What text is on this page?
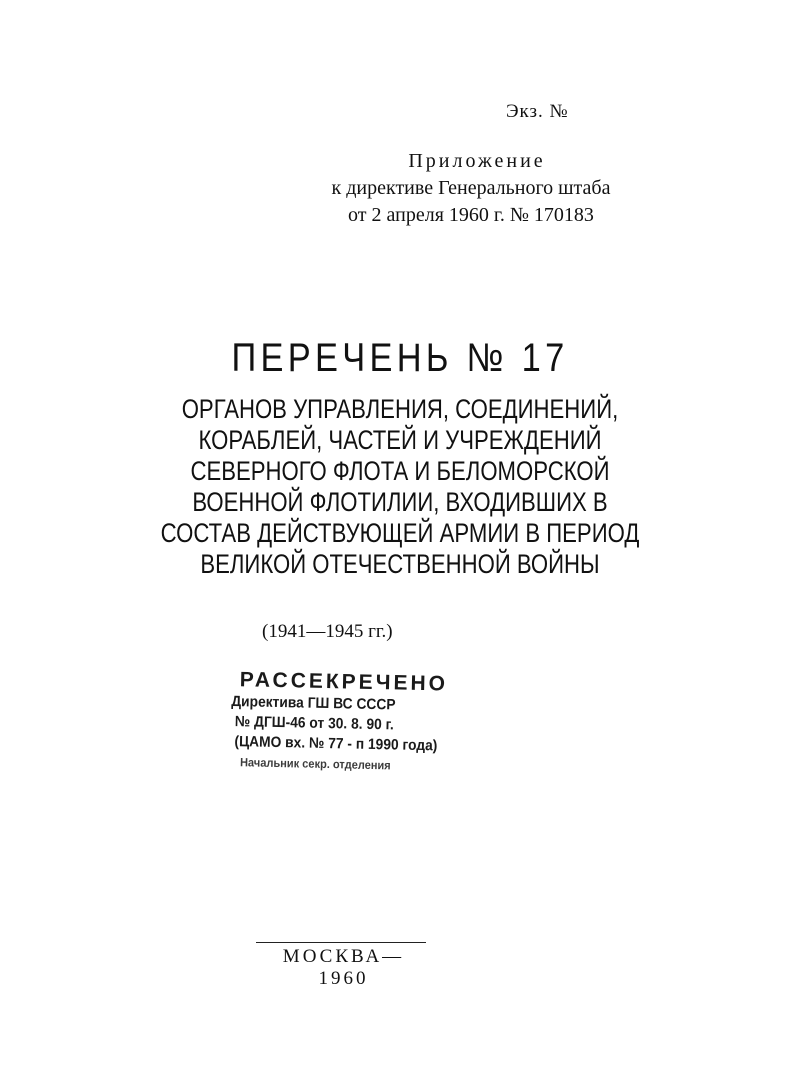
Экз. №
Приложение
к директиве Генерального штаба
от 2 апреля 1960 г. № 170183
ПЕРЕЧЕНЬ № 17
ОРГАНОВ УПРАВЛЕНИЯ, СОЕДИНЕНИЙ,
КОРАБЛЕЙ, ЧАСТЕЙ И УЧРЕЖДЕНИЙ
СЕВЕРНОГО ФЛОТА И БЕЛОМОРСКОЙ
ВОЕННОЙ ФЛОТИЛИИ, ВХОДИВШИХ В
СОСТАВ ДЕЙСТВУЮЩЕЙ АРМИИ В ПЕРИОД
ВЕЛИКОЙ ОТЕЧЕСТВЕННОЙ ВОЙНЫ
(1941—1945 гг.)
РАССЕКРЕЧЕНО
Директива ГШ ВС СССР
№ ДГШ-46 от 30. 8. 90 г.
(ЦАМО вх. № 77 - п 1990 года)
Начальник секр. отделения
МОСКВА— 1960
